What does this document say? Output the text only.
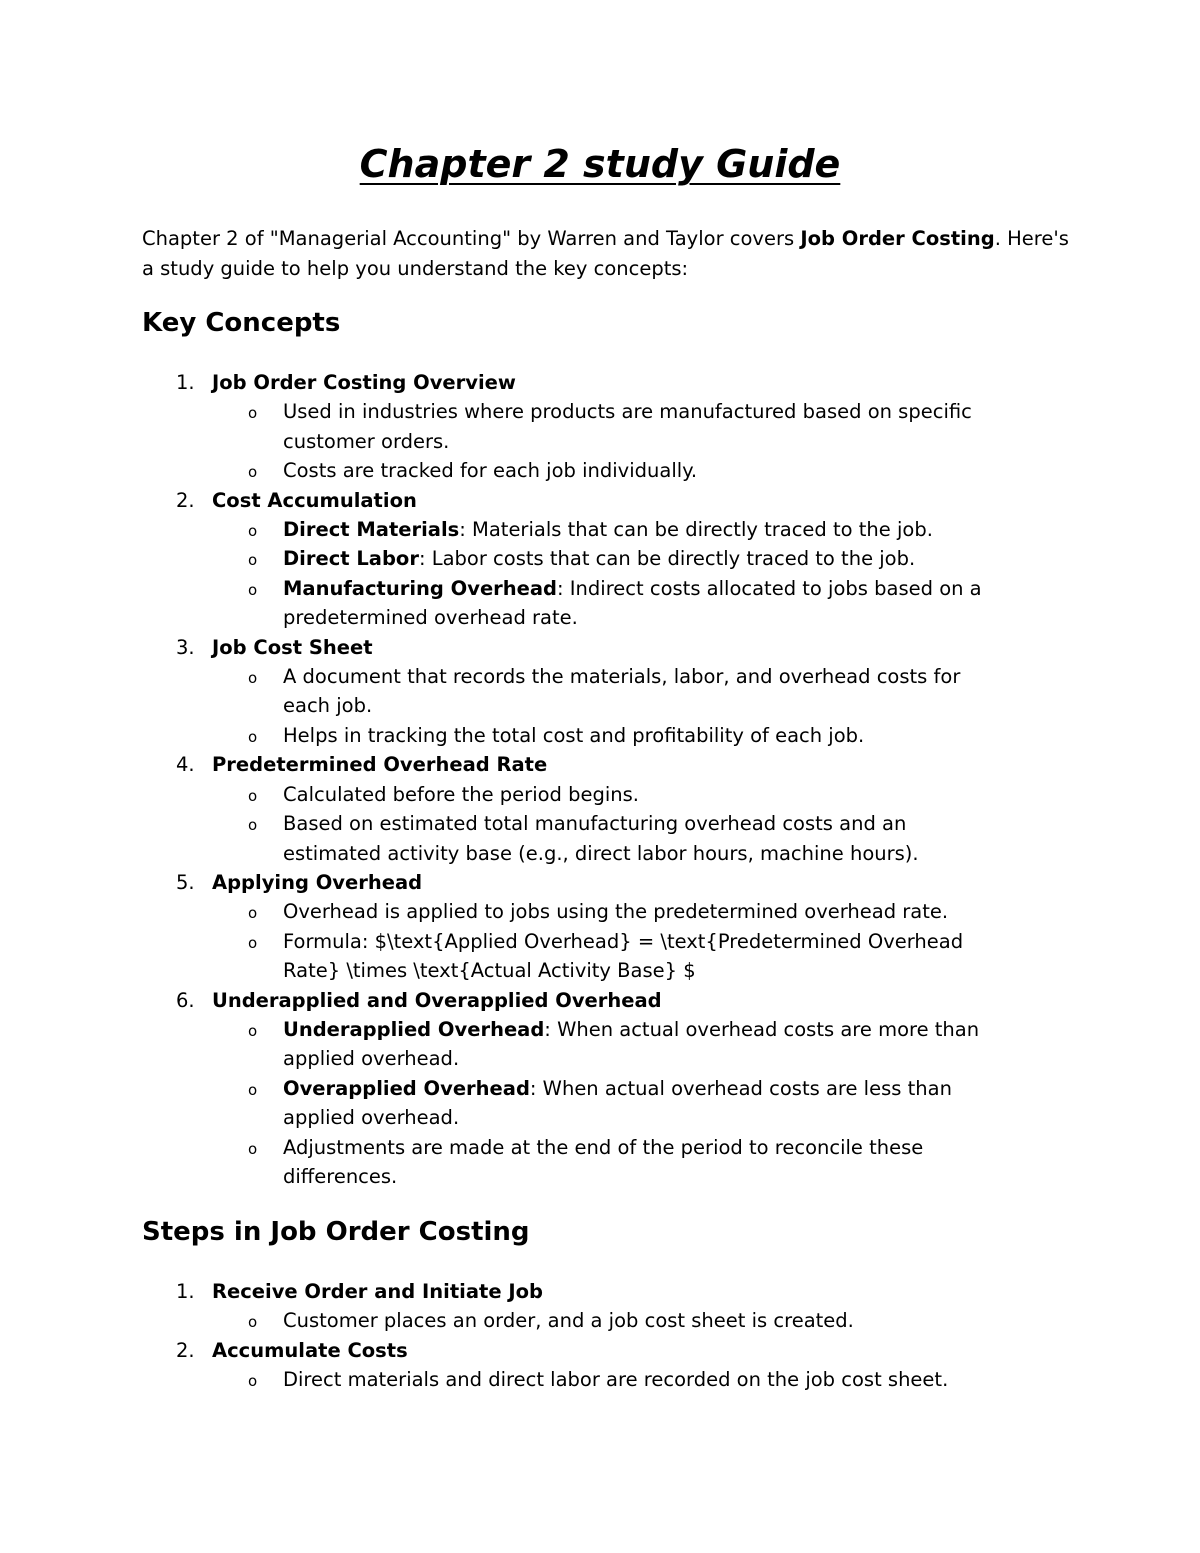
Chapter 2 study Guide

Chapter 2 of "Managerial Accounting" by Warren and Taylor covers Job Order Costing. Here's a study guide to help you understand the key concepts:

Key Concepts
1. Job Order Costing Overview
o Used in industries where products are manufactured based on specific customer orders.
o Costs are tracked for each job individually.
2. Cost Accumulation
o Direct Materials: Materials that can be directly traced to the job.
o Direct Labor: Labor costs that can be directly traced to the job.
o Manufacturing Overhead: Indirect costs allocated to jobs based on a predetermined overhead rate.
3. Job Cost Sheet
o A document that records the materials, labor, and overhead costs for each job.
o Helps in tracking the total cost and profitability of each job.
4. Predetermined Overhead Rate
o Calculated before the period begins.
o Based on estimated total manufacturing overhead costs and an estimated activity base (e.g., direct labor hours, machine hours).
5. Applying Overhead
o Overhead is applied to jobs using the predetermined overhead rate.
o Formula: $\text{Applied Overhead} = \text{Predetermined Overhead Rate} \times \text{Actual Activity Base} $
6. Underapplied and Overapplied Overhead
o Underapplied Overhead: When actual overhead costs are more than applied overhead.
o Overapplied Overhead: When actual overhead costs are less than applied overhead.
o Adjustments are made at the end of the period to reconcile these differences.
Steps in Job Order Costing
1. Receive Order and Initiate Job
o Customer places an order, and a job cost sheet is created.
2. Accumulate Costs
o Direct materials and direct labor are recorded on the job cost sheet.
